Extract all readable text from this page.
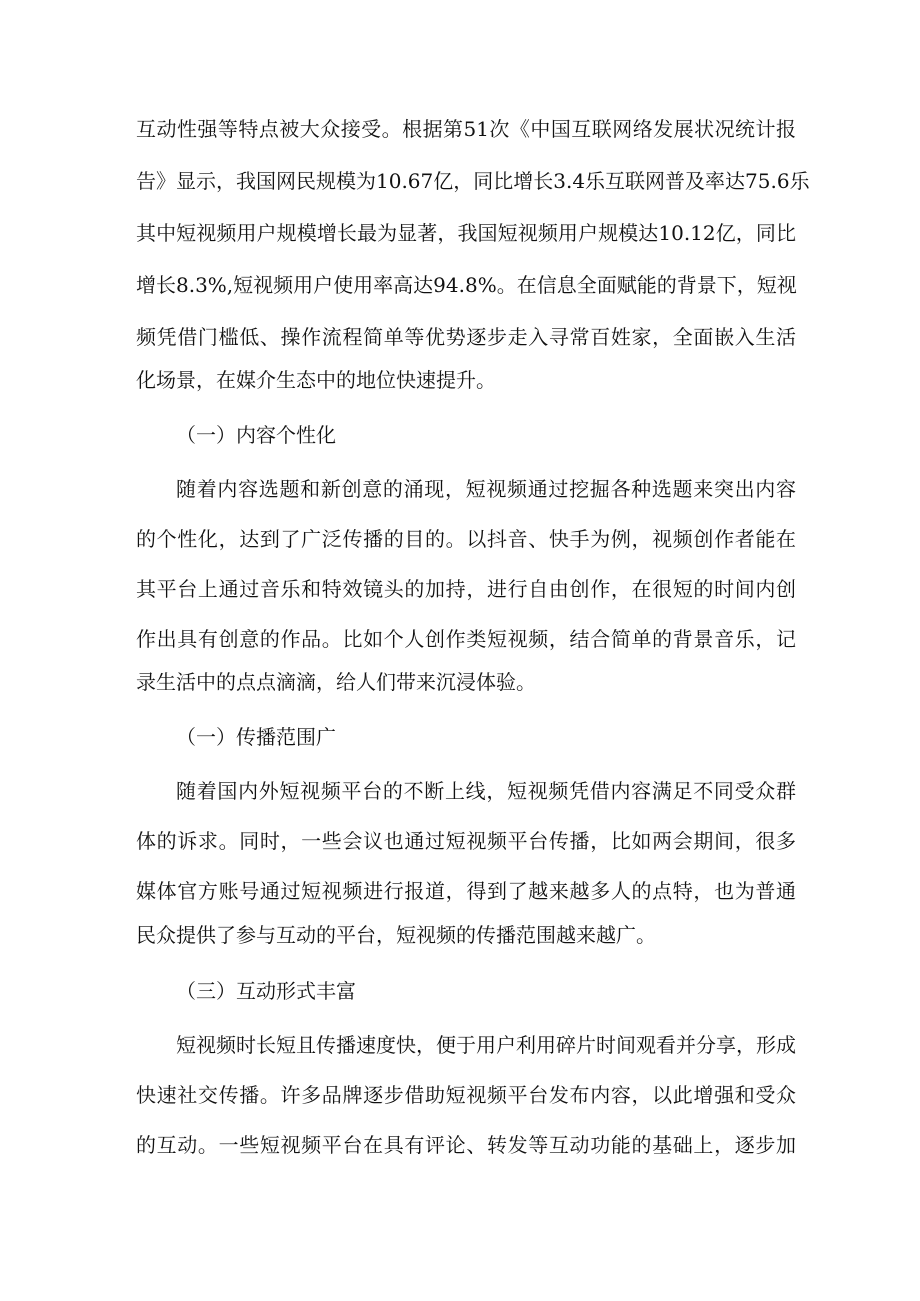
互动性强等特点被大众接受。根据第51次《中国互联网络发展状况统计报
告》显示，我国网民规模为10.67亿，同比增长3.4乐互联网普及率达75.6乐
其中短视频用户规模增长最为显著，我国短视频用户规模达10.12亿，同比
增长8.3%,短视频用户使用率高达94.8%。在信息全面赋能的背景下，短视
频凭借门槛低、操作流程简单等优势逐步走入寻常百姓家，全面嵌入生活
化场景，在媒介生态中的地位快速提升。
（一）内容个性化
随着内容选题和新创意的涌现，短视频通过挖掘各种选题来突出内容
的个性化，达到了广泛传播的目的。以抖音、快手为例，视频创作者能在
其平台上通过音乐和特效镜头的加持，进行自由创作，在很短的时间内创
作出具有创意的作品。比如个人创作类短视频，结合简单的背景音乐，记
录生活中的点点滴滴，给人们带来沉浸体验。
（一）传播范围广
随着国内外短视频平台的不断上线，短视频凭借内容满足不同受众群
体的诉求。同时，一些会议也通过短视频平台传播，比如两会期间，很多
媒体官方账号通过短视频进行报道，得到了越来越多人的点特，也为普通
民众提供了参与互动的平台，短视频的传播范围越来越广。
（三）互动形式丰富
短视频时长短且传播速度快，便于用户利用碎片时间观看并分享，形成
快速社交传播。许多品牌逐步借助短视频平台发布内容，以此增强和受众
的互动。一些短视频平台在具有评论、转发等互动功能的基础上，逐步加
